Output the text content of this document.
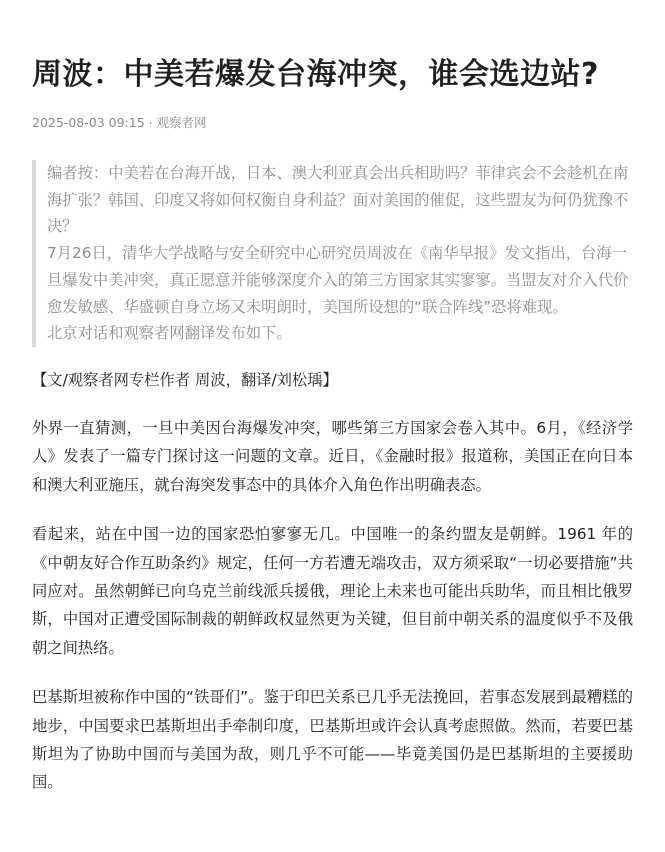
周波：中美若爆发台海冲突，谁会选边站?
2025-08-03 09:15 · 观察者网

编者按：中美若在台海开战，日本、澳大利亚真会出兵相助吗？菲律宾会不会趁机在南海扩张？韩国、印度又将如何权衡自身利益？面对美国的催促，这些盟友为何仍犹豫不决？

7月26日，清华大学战略与安全研究中心研究员周波在《南华早报》发文指出，台海一旦爆发中美冲突，真正愿意并能够深度介入的第三方国家其实寥寥。当盟友对介入代价愈发敏感、华盛顿自身立场又未明朗时，美国所设想的“联合阵线”恐将难现。

北京对话和观察者网翻译发布如下。

【文/观察者网专栏作者 周波，翻译/刘松瑀】

外界一直猜测，一旦中美因台海爆发冲突，哪些第三方国家会卷入其中。6月，《经济学人》发表了一篇专门探讨这一问题的文章。近日，《金融时报》报道称，美国正在向日本和澳大利亚施压，就台海突发事态中的具体介入角色作出明确表态。

看起来，站在中国一边的国家恐怕寥寥无几。中国唯一的条约盟友是朝鲜。1961 年的《中朝友好合作互助条约》规定，任何一方若遭无端攻击，双方须采取“一切必要措施”共同应对。虽然朝鲜已向乌克兰前线派兵援俄，理论上未来也可能出兵助华，而且相比俄罗斯，中国对正遭受国际制裁的朝鲜政权显然更为关键，但目前中朝关系的温度似乎不及俄朝之间热络。

巴基斯坦被称作中国的“铁哥们”。鉴于印巴关系已几乎无法挽回，若事态发展到最糟糕的地步，中国要求巴基斯坦出手牵制印度，巴基斯坦或许会认真考虑照做。然而，若要巴基斯坦为了协助中国而与美国为敌，则几乎不可能——毕竟美国仍是巴基斯坦的主要援助国。
